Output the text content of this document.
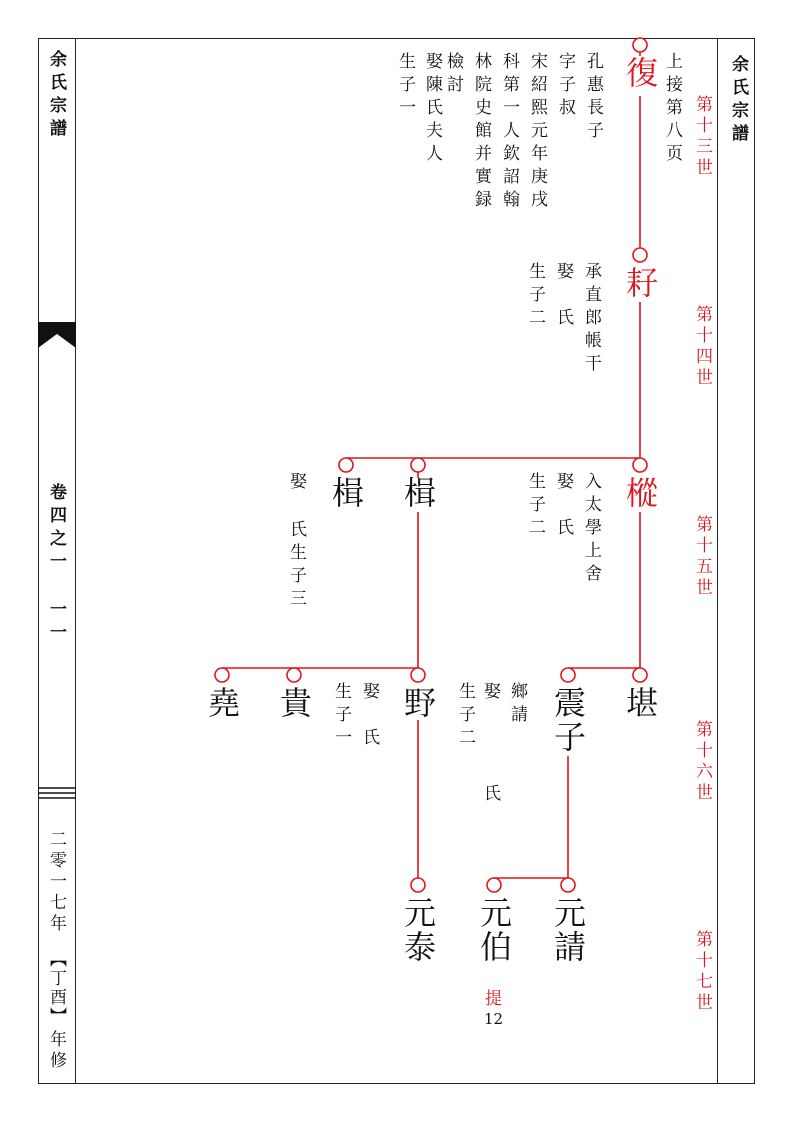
余氏宗譜
卷四之一
一一
二零一七年
【丁酉】
年修
余氏宗譜
第十三世
第十四世
第十五世
第十六世
第十七世
復 上接第八页
孔惠長子
字子叔
宋紹熙元年庚戌
科第一人欽詔翰
林院史館并實録
檢討
娶陳氏夫人
生子一
耔
承直郎帳干
娶　氏
生子二
樅
入太學上舍
娶　氏
生子二
楫
楫
娶
氏生子三
堪
震子
鄉請
娶
生子二
氏
野
娶　氏
生子一
貴
堯
元請
元伯
元泰
提
12
